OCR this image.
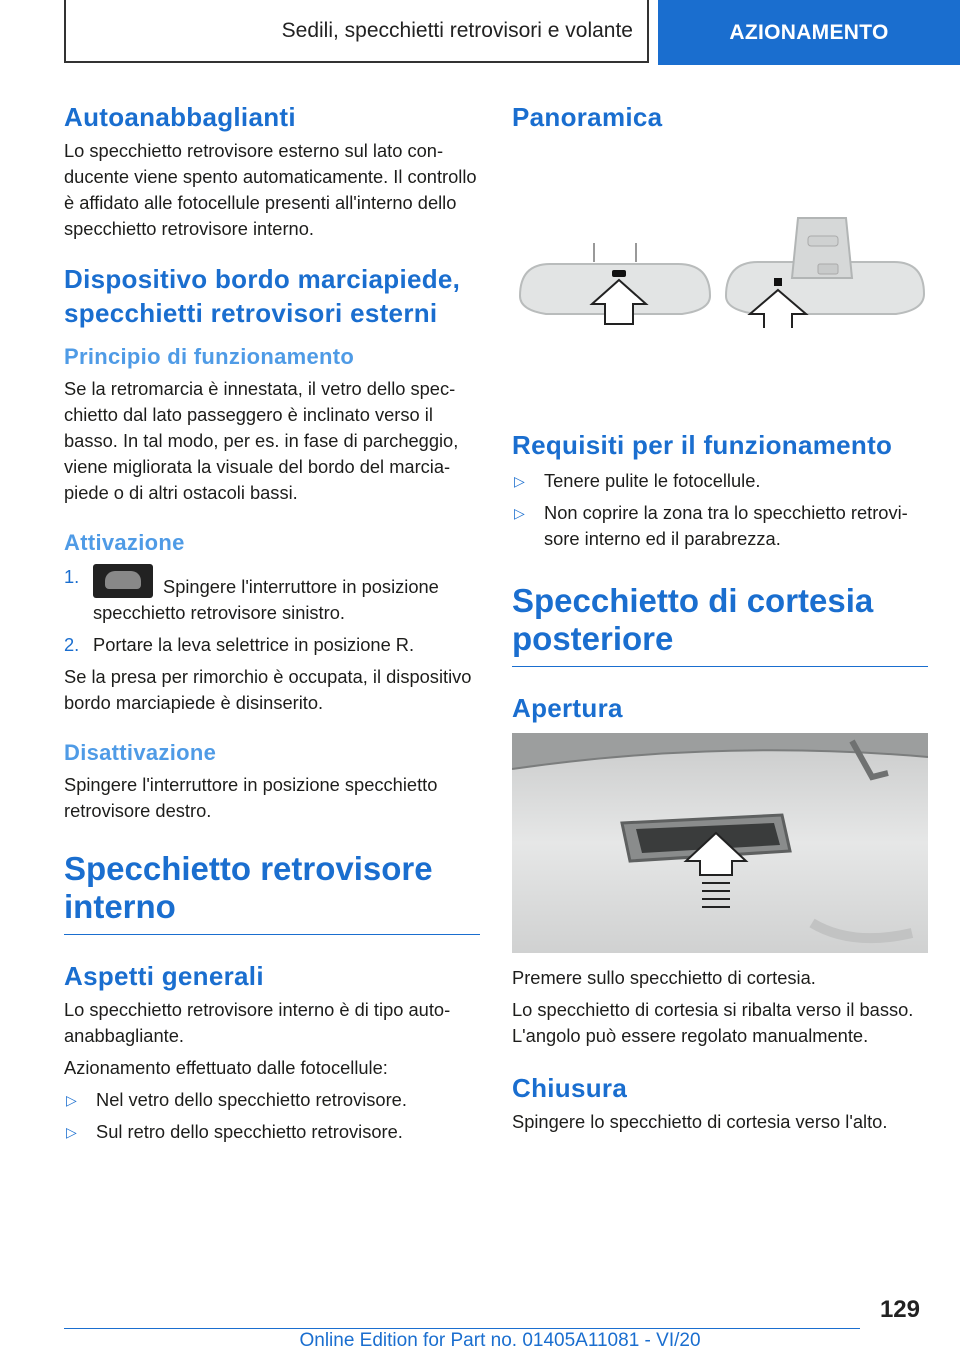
Sedili, specchietti retrovisori e volante	AZIONAMENTO
Autoanabbaglianti

Lo specchietto retrovisore esterno sul lato conducente viene spento automaticamente. Il controllo è affidato alle fotocellule presenti all'interno dello specchietto retrovisore interno.

Dispositivo bordo marciapiede, specchietti retrovisori esterni
Principio di funzionamento

Se la retromarcia è innestata, il vetro dello specchietto dal lato passeggero è inclinato verso il basso. In tal modo, per es. in fase di parcheggio, viene migliorata la visuale del bordo del marciapiede o di altri ostacoli bassi.

Attivazione
1.	Spingere l'interruttore in posizione specchietto retrovisore sinistro.
2. Portare la leva selettrice in posizione R.

Se la presa per rimorchio è occupata, il dispositivo bordo marciapiede è disinserito.

Disattivazione

Spingere l'interruttore in posizione specchietto retrovisore destro.

Specchietto retrovisore interno
Aspetti generali

Lo specchietto retrovisore interno è di tipo autoanabbagliante.

Azionamento effettuato dalle fotocellule:

▷	Nel vetro dello specchietto retrovisore.
▷	Sul retro dello specchietto retrovisore.
Panoramica
Requisiti per il funzionamento
▷	Tenere pulite le fotocellule.
▷	Non coprire la zona tra lo specchietto retrovisore interno ed il parabrezza.
Specchietto di cortesia posteriore
Apertura

Premere sullo specchietto di cortesia.

Lo specchietto di cortesia si ribalta verso il basso. L'angolo può essere regolato manualmente.

Chiusura

Spingere lo specchietto di cortesia verso l'alto.

129
Online Edition for Part no. 01405A11081 - VI/20
